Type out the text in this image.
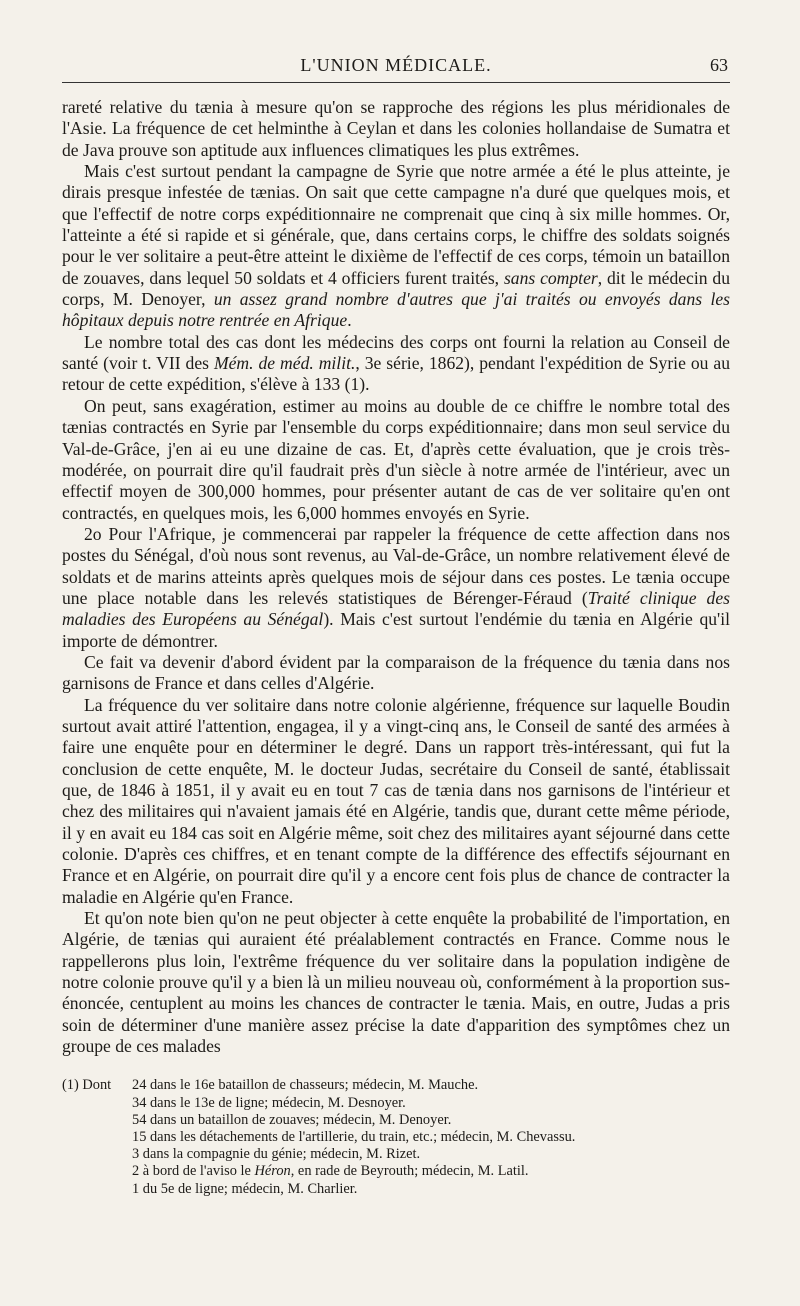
L'UNION MÉDICALE.	63

rareté relative du tænia à mesure qu'on se rapproche des régions les plus méridionales de l'Asie. La fréquence de cet helminthe à Ceylan et dans les colonies hollandaise de Sumatra et de Java prouve son aptitude aux influences climatiques les plus extrêmes.

Mais c'est surtout pendant la campagne de Syrie que notre armée a été le plus atteinte, je dirais presque infestée de tænias. On sait que cette campagne n'a duré que quelques mois, et que l'effectif de notre corps expéditionnaire ne comprenait que cinq à six mille hommes. Or, l'atteinte a été si rapide et si générale, que, dans certains corps, le chiffre des soldats soignés pour le ver solitaire a peut-être atteint le dixième de l'effectif de ces corps, témoin un bataillon de zouaves, dans lequel 50 soldats et 4 officiers furent traités, sans compter, dit le médecin du corps, M. Denoyer, un assez grand nombre d'autres que j'ai traités ou envoyés dans les hôpitaux depuis notre rentrée en Afrique.

Le nombre total des cas dont les médecins des corps ont fourni la relation au Conseil de santé (voir t. VII des Mém. de méd. milit., 3e série, 1862), pendant l'expédition de Syrie ou au retour de cette expédition, s'élève à 133 (1).

On peut, sans exagération, estimer au moins au double de ce chiffre le nombre total des tænias contractés en Syrie par l'ensemble du corps expéditionnaire; dans mon seul service du Val-de-Grâce, j'en ai eu une dizaine de cas. Et, d'après cette évaluation, que je crois très-modérée, on pourrait dire qu'il faudrait près d'un siècle à notre armée de l'intérieur, avec un effectif moyen de 300,000 hommes, pour présenter autant de cas de ver solitaire qu'en ont contractés, en quelques mois, les 6,000 hommes envoyés en Syrie.

2o Pour l'Afrique, je commencerai par rappeler la fréquence de cette affection dans nos postes du Sénégal, d'où nous sont revenus, au Val-de-Grâce, un nombre relativement élevé de soldats et de marins atteints après quelques mois de séjour dans ces postes. Le tænia occupe une place notable dans les relevés statistiques de Bérenger-Féraud (Traité clinique des maladies des Européens au Sénégal). Mais c'est surtout l'endémie du tænia en Algérie qu'il importe de démontrer.

Ce fait va devenir d'abord évident par la comparaison de la fréquence du tænia dans nos garnisons de France et dans celles d'Algérie.

La fréquence du ver solitaire dans notre colonie algérienne, fréquence sur laquelle Boudin surtout avait attiré l'attention, engagea, il y a vingt-cinq ans, le Conseil de santé des armées à faire une enquête pour en déterminer le degré. Dans un rapport très-intéressant, qui fut la conclusion de cette enquête, M. le docteur Judas, secrétaire du Conseil de santé, établissait que, de 1846 à 1851, il y avait eu en tout 7 cas de tænia dans nos garnisons de l'intérieur et chez des militaires qui n'avaient jamais été en Algérie, tandis que, durant cette même période, il y en avait eu 184 cas soit en Algérie même, soit chez des militaires ayant séjourné dans cette colonie. D'après ces chiffres, et en tenant compte de la différence des effectifs séjournant en France et en Algérie, on pourrait dire qu'il y a encore cent fois plus de chance de contracter la maladie en Algérie qu'en France.

Et qu'on note bien qu'on ne peut objecter à cette enquête la probabilité de l'importation, en Algérie, de tænias qui auraient été préalablement contractés en France. Comme nous le rappellerons plus loin, l'extrême fréquence du ver solitaire dans la population indigène de notre colonie prouve qu'il y a bien là un milieu nouveau où, conformément à la proportion sus-énoncée, centuplent au moins les chances de contracter le tænia. Mais, en outre, Judas a pris soin de déterminer d'une manière assez précise la date d'apparition des symptômes chez un groupe de ces malades

(1) Dont 24 dans le 16e bataillon de chasseurs; médecin, M. Mauche.
34 dans le 13e de ligne; médecin, M. Desnoyer.
54 dans un bataillon de zouaves; médecin, M. Denoyer.
15 dans les détachements de l'artillerie, du train, etc.; médecin, M. Chevassu.
3 dans la compagnie du génie; médecin, M. Rizet.
2 à bord de l'aviso le Héron, en rade de Beyrouth; médecin, M. Latil.
1 du 5e de ligne; médecin, M. Charlier.
